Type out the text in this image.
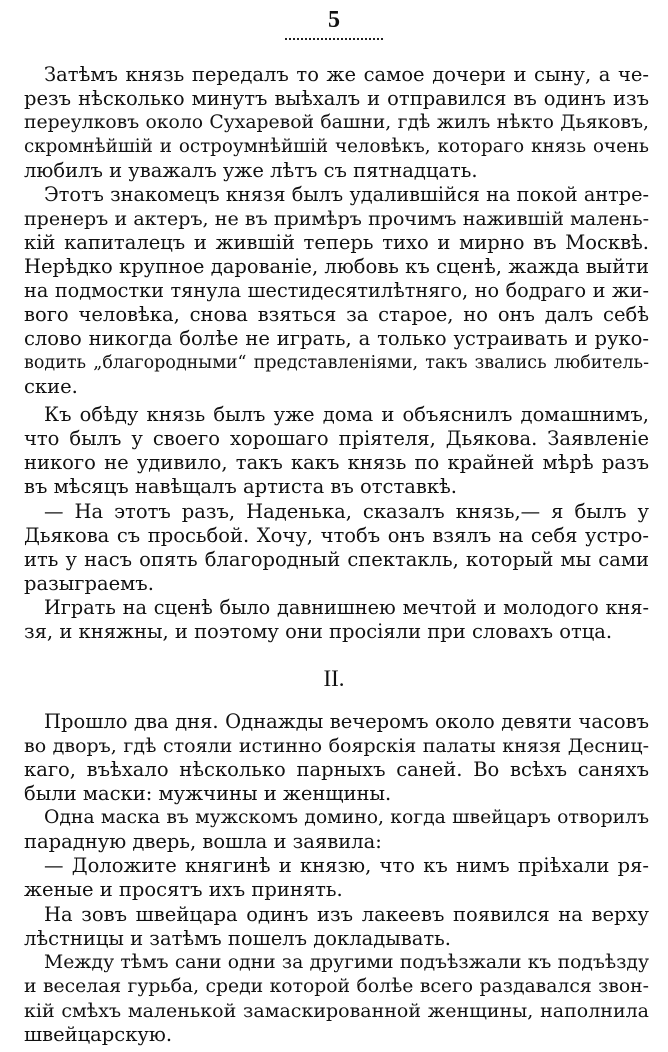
5
Затѣмъ князь передалъ то же самое дочери и сыну, а че-
резъ нѣсколько минутъ выѣхалъ и отправился въ одинъ изъ
переулковъ около Сухаревой башни, гдѣ жилъ нѣкто Дьяковъ,
скромнѣйшій и остроумнѣйшій человѣкъ, котораго князь очень
любилъ и уважалъ уже лѣтъ съ пятнадцать.
Этотъ знакомецъ князя былъ удалившійся на покой антре-
пренеръ и актеръ, не въ примѣръ прочимъ нажившій малень-
кій капиталецъ и жившій теперь тихо и мирно въ Москвѣ.
Нерѣдко крупное дарованіе, любовь къ сценѣ, жажда выйти
на подмостки тянула шестидесятилѣтняго, но бодраго и жи-
вого человѣка, снова взяться за старое, но онъ далъ себѣ
слово никогда болѣе не играть, а только устраивать и руко-
водить „благородными“ представленіями, такъ звались любитель-
ские.
Къ обѣду князь былъ уже дома и объяснилъ домашнимъ,
что былъ у своего хорошаго пріятеля, Дьякова. Заявленіе
никого не удивило, такъ какъ князь по крайней мѣрѣ разъ
въ мѣсяцъ навѣщалъ артиста въ отставкѣ.
— На этотъ разъ, Наденька, сказалъ князь,— я былъ у
Дьякова съ просьбой. Хочу, чтобъ онъ взялъ на себя устро-
ить у насъ опять благородный спектакль, который мы сами
разыграемъ.
Играть на сценѣ было давнишнею мечтой и молодого кня-
зя, и княжны, и поэтому они просіяли при словахъ отца.
II.
Прошло два дня. Однажды вечеромъ около девяти часовъ
во дворъ, гдѣ стояли истинно боярскія палаты князя Десниц-
каго, въѣхало нѣсколько парныхъ саней. Во всѣхъ саняхъ
были маски: мужчины и женщины.
Одна маска въ мужскомъ домино, когда швейцаръ отворилъ
парадную дверь, вошла и заявила:
— Доложите княгинѣ и князю, что къ нимъ пріѣхали ря-
женые и просятъ ихъ принять.
На зовъ швейцара одинъ изъ лакеевъ появился на верху
лѣстницы и затѣмъ пошелъ докладывать.
Между тѣмъ сани одни за другими подъѣзжали къ подъѣзду
и веселая гурьба, среди которой болѣе всего раздавался звон-
кій смѣхъ маленькой замаскированной женщины, наполнила
швейцарскую.
